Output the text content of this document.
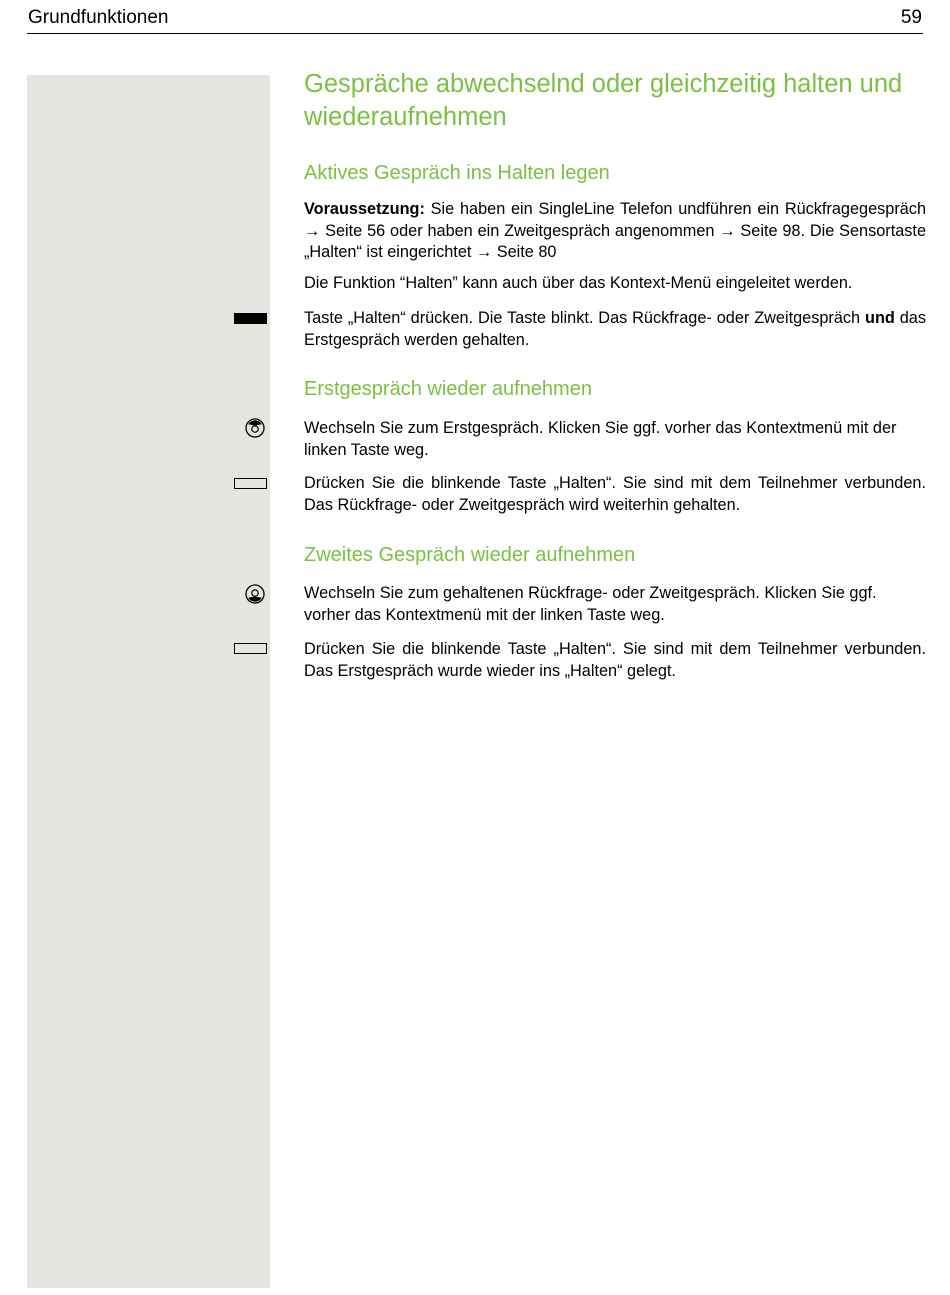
Grundfunktionen	59
Gespräche abwechselnd oder gleichzeitig halten und wiederaufnehmen
Aktives Gespräch ins Halten legen

Voraussetzung: Sie haben ein SingleLine Telefon undführen ein Rückfragegespräch → Seite 56 oder haben ein Zweitgespräch angenommen → Seite 98. Die Sensortaste „Halten“ ist eingerichtet → Seite 80

Die Funktion “Halten” kann auch über das Kontext-Menü eingeleitet werden.

Taste „Halten“ drücken. Die Taste blinkt. Das Rückfrage- oder Zweitgespräch und das Erstgespräch werden gehalten.

Erstgespräch wieder aufnehmen

Wechseln Sie zum Erstgespräch. Klicken Sie ggf. vorher das Kontextmenü mit der linken Taste weg.

Drücken Sie die blinkende Taste „Halten“. Sie sind mit dem Teilnehmer verbunden. Das Rückfrage- oder Zweitgespräch wird weiterhin gehalten.

Zweites Gespräch wieder aufnehmen

Wechseln Sie zum gehaltenen Rückfrage- oder Zweitgespräch. Klicken Sie ggf. vorher das Kontextmenü mit der linken Taste weg.

Drücken Sie die blinkende Taste „Halten“. Sie sind mit dem Teilnehmer verbunden. Das Erstgespräch wurde wieder ins „Halten“ gelegt.
